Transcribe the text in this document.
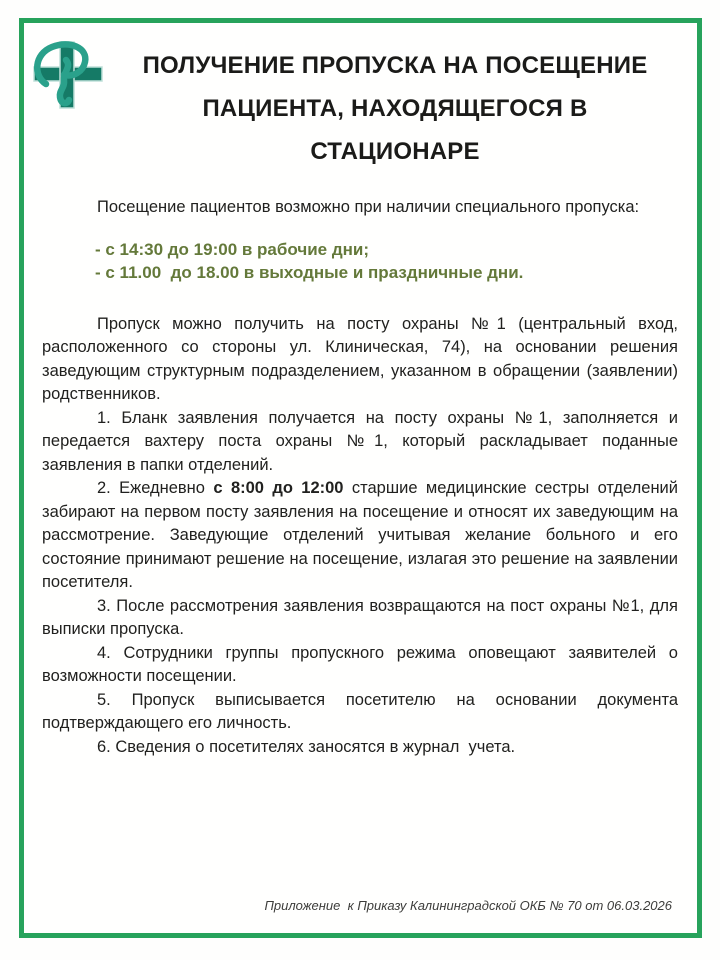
ПОЛУЧЕНИЕ ПРОПУСКА НА ПОСЕЩЕНИЕ
ПАЦИЕНТА, НАХОДЯЩЕГОСЯ В
СТАЦИОНАРЕ

Посещение пациентов возможно при наличии специального пропуска:

- с 14:30 до 19:00 в рабочие дни;
- с 11.00  до 18.00 в выходные и праздничные дни.

Пропуск можно получить на посту охраны №1 (центральный вход, расположенного со стороны ул. Клиническая, 74), на основании решения заведующим структурным подразделением, указанном в обращении (заявлении) родственников.

1. Бланк заявления получается на посту охраны №1, заполняется и передается вахтеру поста охраны №1, который раскладывает поданные заявления в папки отделений.

2. Ежедневно с 8:00 до 12:00 старшие медицинские сестры отделений забирают на первом посту заявления на посещение и относят их заведующим на рассмотрение. Заведующие отделений учитывая желание больного и его состояние принимают решение на посещение, излагая это решение на заявлении посетителя.

3. После рассмотрения заявления возвращаются на пост охраны №1, для выписки пропуска.

4. Сотрудники группы пропускного режима оповещают заявителей о возможности посещении.

5. Пропуск выписывается посетителю на основании документа подтверждающего его личность.

6. Сведения о посетителях заносятся в журнал  учета.

Приложение  к Приказу Калининградской ОКБ № 70 от 06.03.2026
